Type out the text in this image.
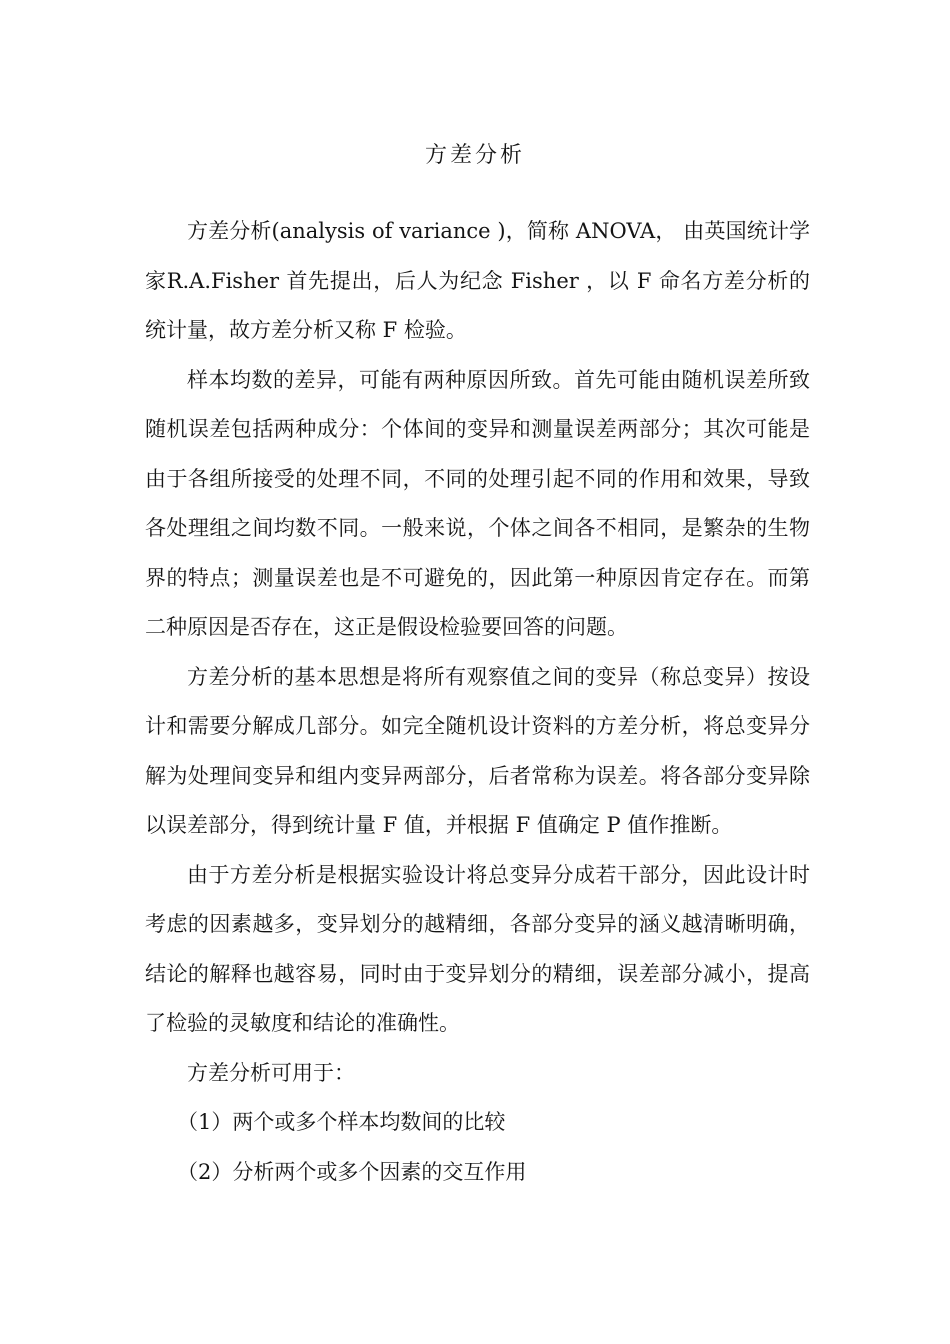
方差分析

方差分析(analysis of variance )，简称 ANOVA， 由英国统计学家R.A.Fisher 首先提出，后人为纪念 Fisher ，以 F 命名方差分析的统计量，故方差分析又称 F 检验。

样本均数的差异，可能有两种原因所致。首先可能由随机误差所致随机误差包括两种成分：个体间的变异和测量误差两部分；其次可能是由于各组所接受的处理不同，不同的处理引起不同的作用和效果，导致各处理组之间均数不同。一般来说，个体之间各不相同，是繁杂的生物界的特点；测量误差也是不可避免的，因此第一种原因肯定存在。而第二种原因是否存在，这正是假设检验要回答的问题。

方差分析的基本思想是将所有观察值之间的变异（称总变异）按设计和需要分解成几部分。如完全随机设计资料的方差分析，将总变异分解为处理间变异和组内变异两部分，后者常称为误差。将各部分变异除以误差部分，得到统计量 F 值，并根据 F 值确定 P 值作推断。

由于方差分析是根据实验设计将总变异分成若干部分，因此设计时考虑的因素越多，变异划分的越精细，各部分变异的涵义越清晰明确，结论的解释也越容易，同时由于变异划分的精细，误差部分减小，提高了检验的灵敏度和结论的准确性。

方差分析可用于：

（1）两个或多个样本均数间的比较

（2）分析两个或多个因素的交互作用
